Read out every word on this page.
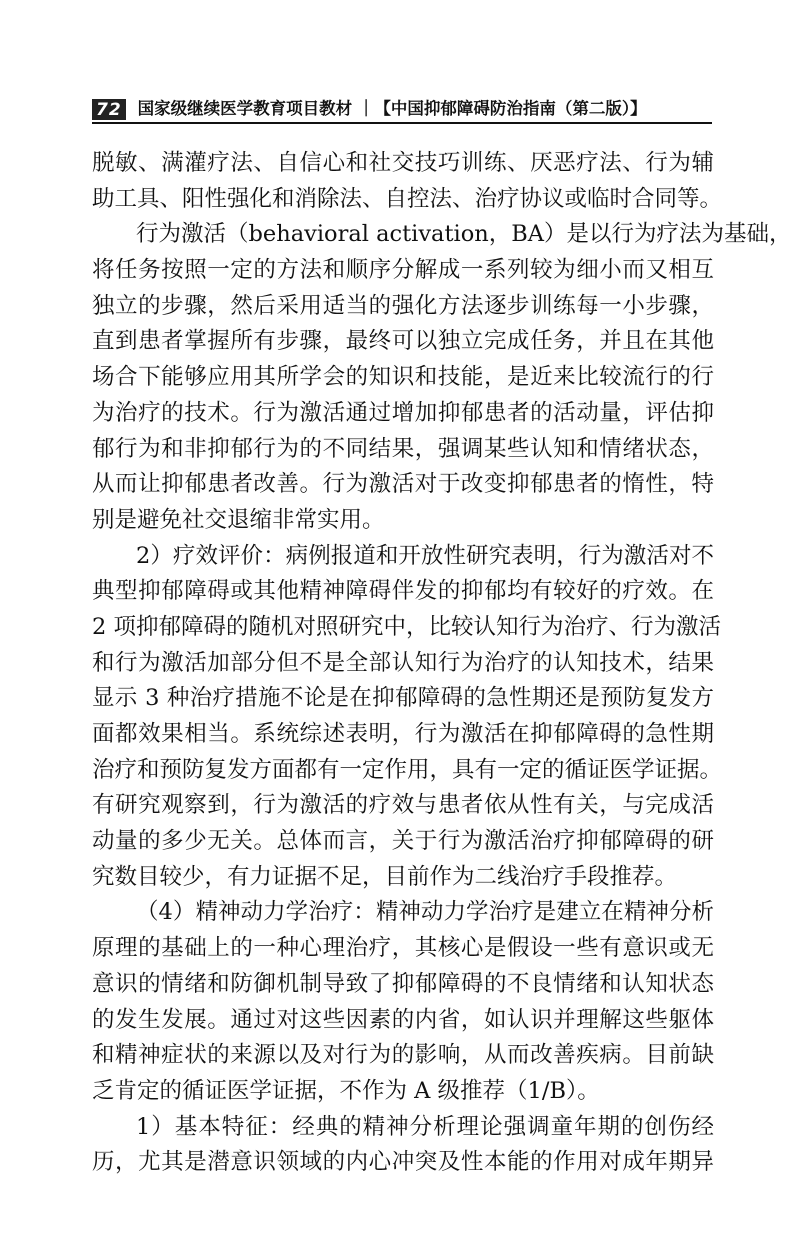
72 国家级继续医学教育项目教材 ｜【中国抑郁障碍防治指南（第二版）】
脱敏、满灌疗法、自信心和社交技巧训练、厌恶疗法、行为辅
助工具、阳性强化和消除法、自控法、治疗协议或临时合同等。
行为激活（behavioral activation，BA）是以行为疗法为基础，
将任务按照一定的方法和顺序分解成一系列较为细小而又相互
独立的步骤，然后采用适当的强化方法逐步训练每一小步骤，
直到患者掌握所有步骤，最终可以独立完成任务，并且在其他
场合下能够应用其所学会的知识和技能，是近来比较流行的行
为治疗的技术。行为激活通过增加抑郁患者的活动量，评估抑
郁行为和非抑郁行为的不同结果，强调某些认知和情绪状态，
从而让抑郁患者改善。行为激活对于改变抑郁患者的惰性，特
别是避免社交退缩非常实用。
2）疗效评价：病例报道和开放性研究表明，行为激活对不
典型抑郁障碍或其他精神障碍伴发的抑郁均有较好的疗效。在
2 项抑郁障碍的随机对照研究中，比较认知行为治疗、行为激活
和行为激活加部分但不是全部认知行为治疗的认知技术，结果
显示 3 种治疗措施不论是在抑郁障碍的急性期还是预防复发方
面都效果相当。系统综述表明，行为激活在抑郁障碍的急性期
治疗和预防复发方面都有一定作用，具有一定的循证医学证据。
有研究观察到，行为激活的疗效与患者依从性有关，与完成活
动量的多少无关。总体而言，关于行为激活治疗抑郁障碍的研
究数目较少，有力证据不足，目前作为二线治疗手段推荐。
（4）精神动力学治疗：精神动力学治疗是建立在精神分析
原理的基础上的一种心理治疗，其核心是假设一些有意识或无
意识的情绪和防御机制导致了抑郁障碍的不良情绪和认知状态
的发生发展。通过对这些因素的内省，如认识并理解这些躯体
和精神症状的来源以及对行为的影响，从而改善疾病。目前缺
乏肯定的循证医学证据，不作为 A 级推荐（1/B）。
1）基本特征：经典的精神分析理论强调童年期的创伤经
历，尤其是潜意识领域的内心冲突及性本能的作用对成年期异
